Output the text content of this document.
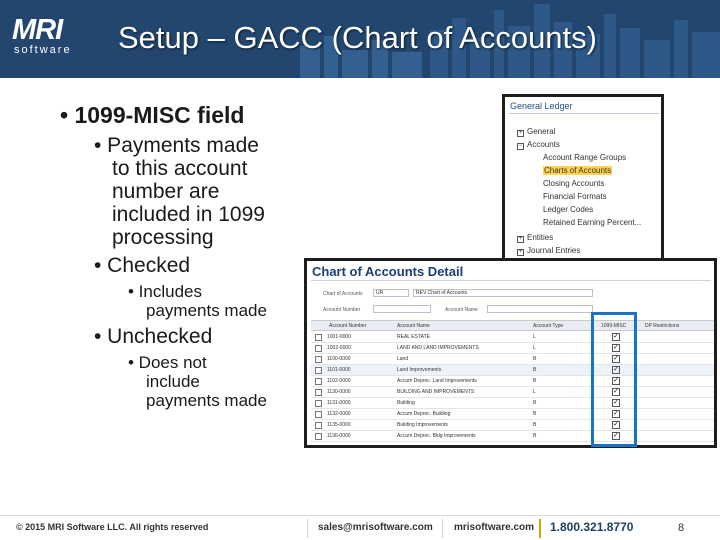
MRI
software	Setup – GACC (Chart of Accounts)
• 1099-MISC field
• Payments made
to this account
number are
included in 1099
processing
• Checked
• Includes
payments made
• Unchecked
• Does not
include
payments made
General Ledger
+ General
− Accounts
Account Range Groups
Charts of Accounts
Closing Accounts
Financial Formats
Ledger Codes
Retained Earning Percent...
+ Entities
+ Journal Entries
Chart of Accounts Detail
Chart of Accounts	UR	REV Chart of Accounts
Account Number	Account Name
Account Number	Account Name	Account Type	1099-MISC	DP Restrictions
1001-0000	REAL ESTATE	L	✓
1002-0000	LAND AND LAND IMPROVEMENTS	L	✓
1100-0000	Land	B	✓
1101-0000	Land Improvements	B	✓
1102-0000	Accum Deprec. Land Improvements	B	✓
1130-0000	BUILDING AND IMPROVEMENTS	L	✓
1131-0000	Building	B	✓
1132-0000	Accum Deprec. Building	B	✓
1135-0000	Building Improvements	B	✓
1136-0000	Accum Deprec. Bldg Improvements	B	✓
© 2015 MRI Software LLC. All rights reserved	sales@mrisoftware.com mrisoftware.com 1.800.321.8770	8
